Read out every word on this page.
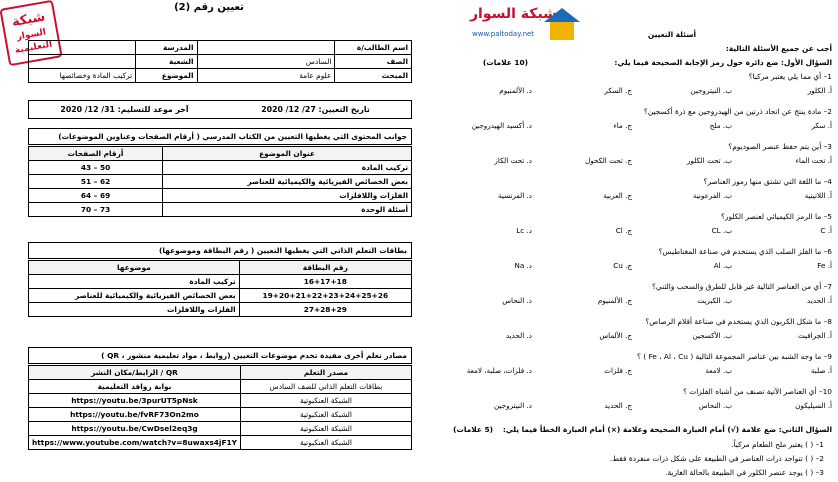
شبكة
السوار التعليمية
تعيين رقم (2)
	المدرسة		اسم الطالب/ة
	الشعبة	السادس	الصف
تركيب المادة وخصائصها	الموضوع	علوم عامة	المبحث
تاريخ التعيين: 27/ 12/ 2020
آخر موعد للتسليم: 31/ 12/ 2020
جوانب المحتوى التي يغطيها التعيين من الكتاب المدرسي ( أرقام الصفحات وعناوين الموضوعات)
أرقام الصفحات	عنوان الموضوع
43 – 50	تركيب المادة
51 – 62	بعض الخصائص الفيزيائية والكيميائية للعناصر
64 – 69	الفلزات واللافلزات
70 – 73	أسئلة الوحدة
بطاقات التعلم الذاتي التي يغطيها التعيين ( رقم البطاقة وموضوعها)
موضوعها	رقم البطاقة
تركيب المادة	16+17+18
بعض الخصائص الفيزيائية والكيميائية للعناصر	19+20+21+22+23+24+25+26
الفلزات واللافلزات	27+28+29
مصادر تعلم أخرى مفيدة تخدم موضوعات التعيين (روابط ، مواد تعليمية منشور ، QR )
الرابط/مكان النشر / QR	مصدر التعلم
بوابة روافد التعليمية	بطاقات التعلم الذاتي للصف السادس
https://youtu.be/3purUT5pNsk	الشبكة العنكبوتية
https://youtu.be/fvRF73On2mo	الشبكة العنكبوتية
https://youtu.be/CwDsel2eq3g	الشبكة العنكبوتية
https://www.youtube.com/watch?v=8uwaxs4jF1Y	الشبكة العنكبوتية
شبكة السوار
www.paltoday.net	أسئلة التعيين
أجب عن جميع الأسئلة التالية:
السؤال الأول: ضع دائرة حول رمز الإجابة الصحيحة فيما يلي:
(10 علامات)
1– أي مما يلي يعتبر مركبا؟
أ. الكلور
ب. النيتروجين
ج. السكر
د. الألمنيوم
2– مادة ينتج عن اتحاد ذرتين من الهيدروجين مع ذرة أكسجين؟
أ. سكر
ب. ملح
ج. ماء
د. أكسيد الهيدروجين
3– أين يتم حفظ عنصر الصوديوم؟
أ. تحت الماء
ب. تحت الكلور
ج. تحت الكحول
د. تحت الكاز
4– ما اللغة التي تشتق منها رموز العناصر؟
أ. اللاتينية
ب. الفرعونية
ج. العربية
د. الفرنسية
5– ما الرمز الكيميائي لعنصر الكلور؟
أ. C
ب. CL
ج. Cl
د. Lc
6– ما الفلز الصلب الذي يستخدم في صناعة المغناطيس؟
أ. Fe
ب. Al
ج. Cu
د. Na
7– أي من العناصر التالية غير قابل للطرق والسحب والثني؟
أ. الحديد
ب. الكبريت
ج. الألمنيوم
د. النحاس
8– ما شكل الكربون الذي يستخدم في صناعة أقلام الرصاص؟
أ. الجرافيت
ب. الأكسجين
ج. الألماس
د. الحديد
9– ما وجه الشبه بين عناصر المجموعة التالية ( Fe ، Al ، Cu ) ؟
أ. صلبة
ب. لامعة
ج. فلزات
د. فلزات، صلبة، لامعة
10– أي العناصر الآتية تصنف من أشباه الفلزات ؟
أ. السيليكون
ب. النحاس
ج. الحديد
د. النيتروجين
السؤال الثاني: ضع علامة (√) أمام العبارة الصحيحة وعلامة (×) أمام العبارة الخطأ فيما يلي:
(5 علامات)
1– ( ) يعتبر ملح الطعام مركباً.
2– ( ) تتواجد ذرات العناصر في الطبيعة على شكل ذرات منفردة فقط.
3– ( ) يوجد عنصر الكلور في الطبيعة بالحالة الغازية.
